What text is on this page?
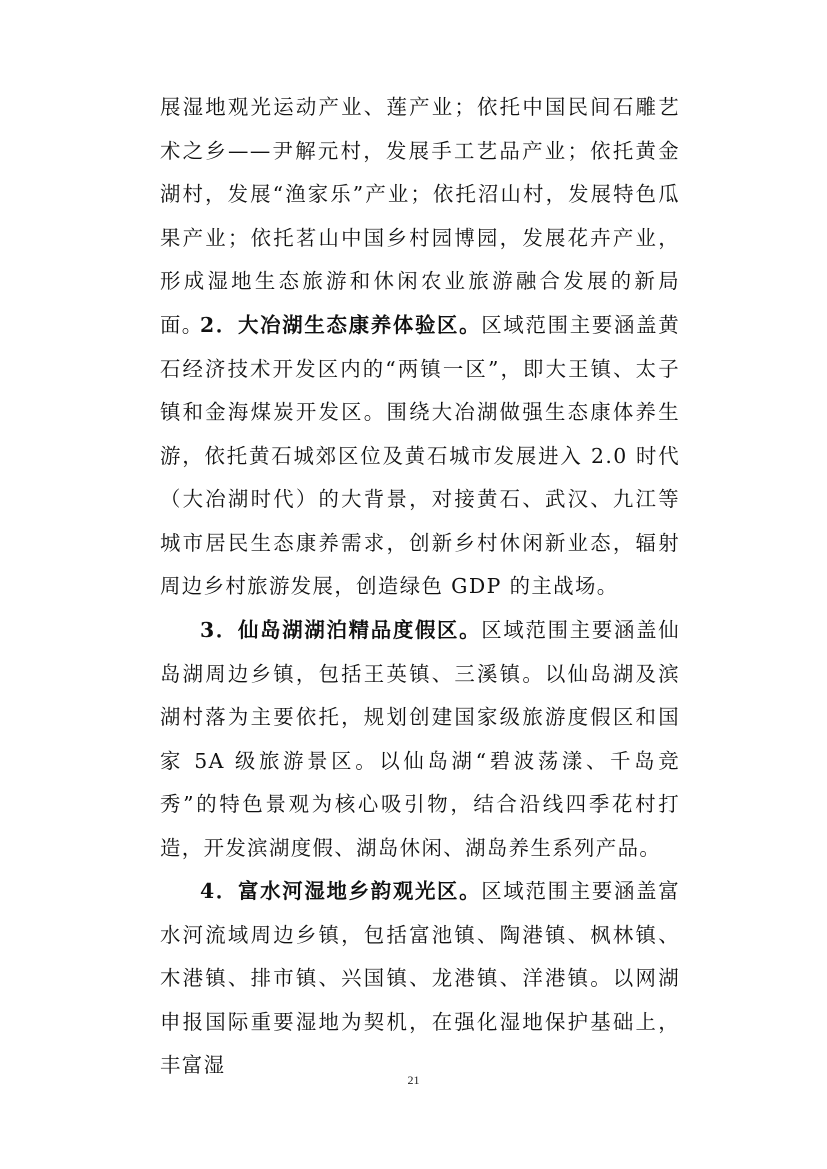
展湿地观光运动产业、莲产业；依托中国民间石雕艺术之乡——尹解元村，发展手工艺品产业；依托黄金湖村，发展“渔家乐”产业；依托沼山村，发展特色瓜果产业；依托茗山中国乡村园博园，发展花卉产业，形成湿地生态旅游和休闲农业旅游融合发展的新局面。

2．大冶湖生态康养体验区。区域范围主要涵盖黄石经济技术开发区内的“两镇一区”，即大王镇、太子镇和金海煤炭开发区。围绕大冶湖做强生态康体养生游，依托黄石城郊区位及黄石城市发展进入 2.0 时代（大冶湖时代）的大背景，对接黄石、武汉、九江等城市居民生态康养需求，创新乡村休闲新业态，辐射周边乡村旅游发展，创造绿色 GDP 的主战场。

3．仙岛湖湖泊精品度假区。区域范围主要涵盖仙岛湖周边乡镇，包括王英镇、三溪镇。以仙岛湖及滨湖村落为主要依托，规划创建国家级旅游度假区和国家 5A 级旅游景区。以仙岛湖“碧波荡漾、千岛竞秀”的特色景观为核心吸引物，结合沿线四季花村打造，开发滨湖度假、湖岛休闲、湖岛养生系列产品。

4．富水河湿地乡韵观光区。区域范围主要涵盖富水河流域周边乡镇，包括富池镇、陶港镇、枫林镇、木港镇、排市镇、兴国镇、龙港镇、洋港镇。以网湖申报国际重要湿地为契机，在强化湿地保护基础上，丰富湿

21
